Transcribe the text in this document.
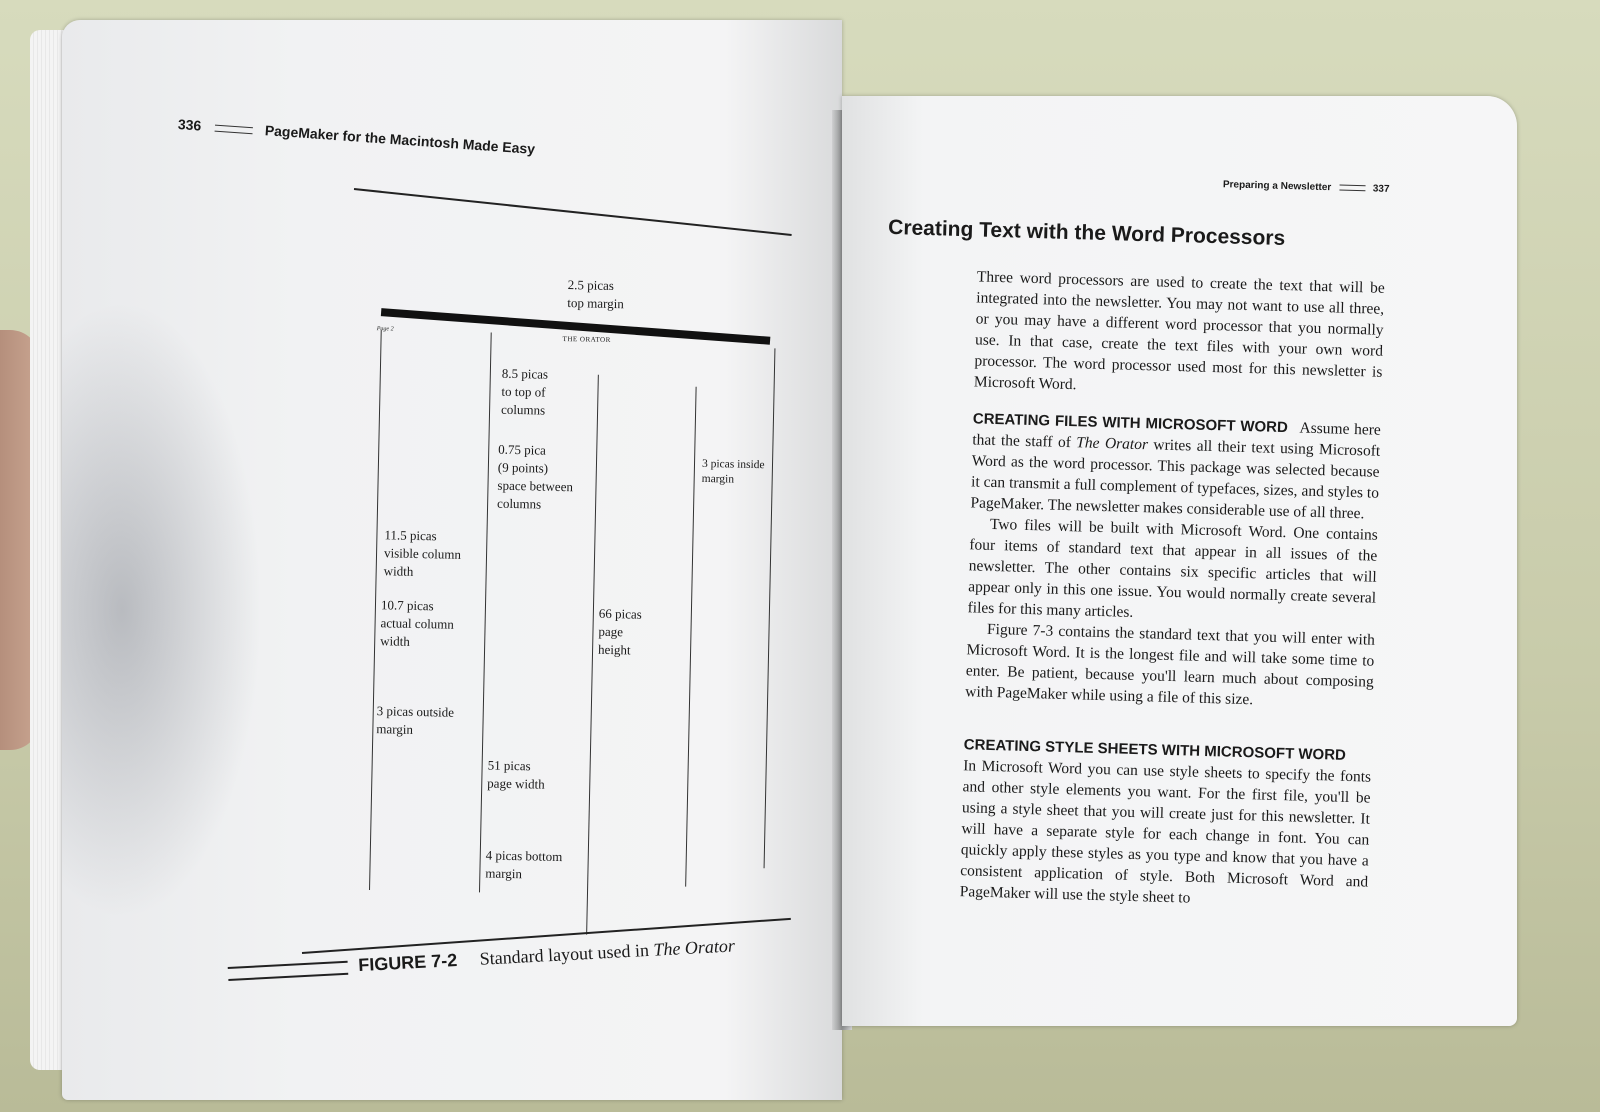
336	PageMaker for the Macintosh Made Easy
2.5 picas
top margin
Page 2
THE ORATOR
8.5 picas
to top of
columns
0.75 pica
(9 points)
space between
columns
3 picas inside
margin
11.5 picas
visible column
width
10.7 picas
actual column
width
66 picas
page
height
3 picas outside
margin
51 picas
page width
4 picas bottom
margin
FIGURE 7-2 Standard layout used in The Orator
Preparing a Newsletter	337
Creating Text with the Word Processors

Three word processors are used to create the text that will be integrated into the newsletter. You may not want to use all three, or you may have a different word processor that you normally use. In that case, create the text files with your own word processor. The word processor used most for this newsletter is Microsoft Word.

CREATING FILES WITH MICROSOFT WORD Assume here that the staff of The Orator writes all their text using Microsoft Word as the word processor. This package was selected because it can transmit a full complement of typefaces, sizes, and styles to PageMaker. The newsletter makes considerable use of all three.

Two files will be built with Microsoft Word. One contains four items of standard text that appear in all issues of the newsletter. The other contains six specific articles that will appear only in this one issue. You would normally create several files for this many articles.

Figure 7-3 contains the standard text that you will enter with Microsoft Word. It is the longest file and will take some time to enter. Be patient, because you'll learn much about composing with PageMaker while using a file of this size.

CREATING STYLE SHEETS WITH MICROSOFT WORD

In Microsoft Word you can use style sheets to specify the fonts and other style elements you want. For the first file, you'll be using a style sheet that you will create just for this newsletter. It will have a separate style for each change in font. You can quickly apply these styles as you type and know that you have a consistent application of style. Both Microsoft Word and PageMaker will use the style sheet to
